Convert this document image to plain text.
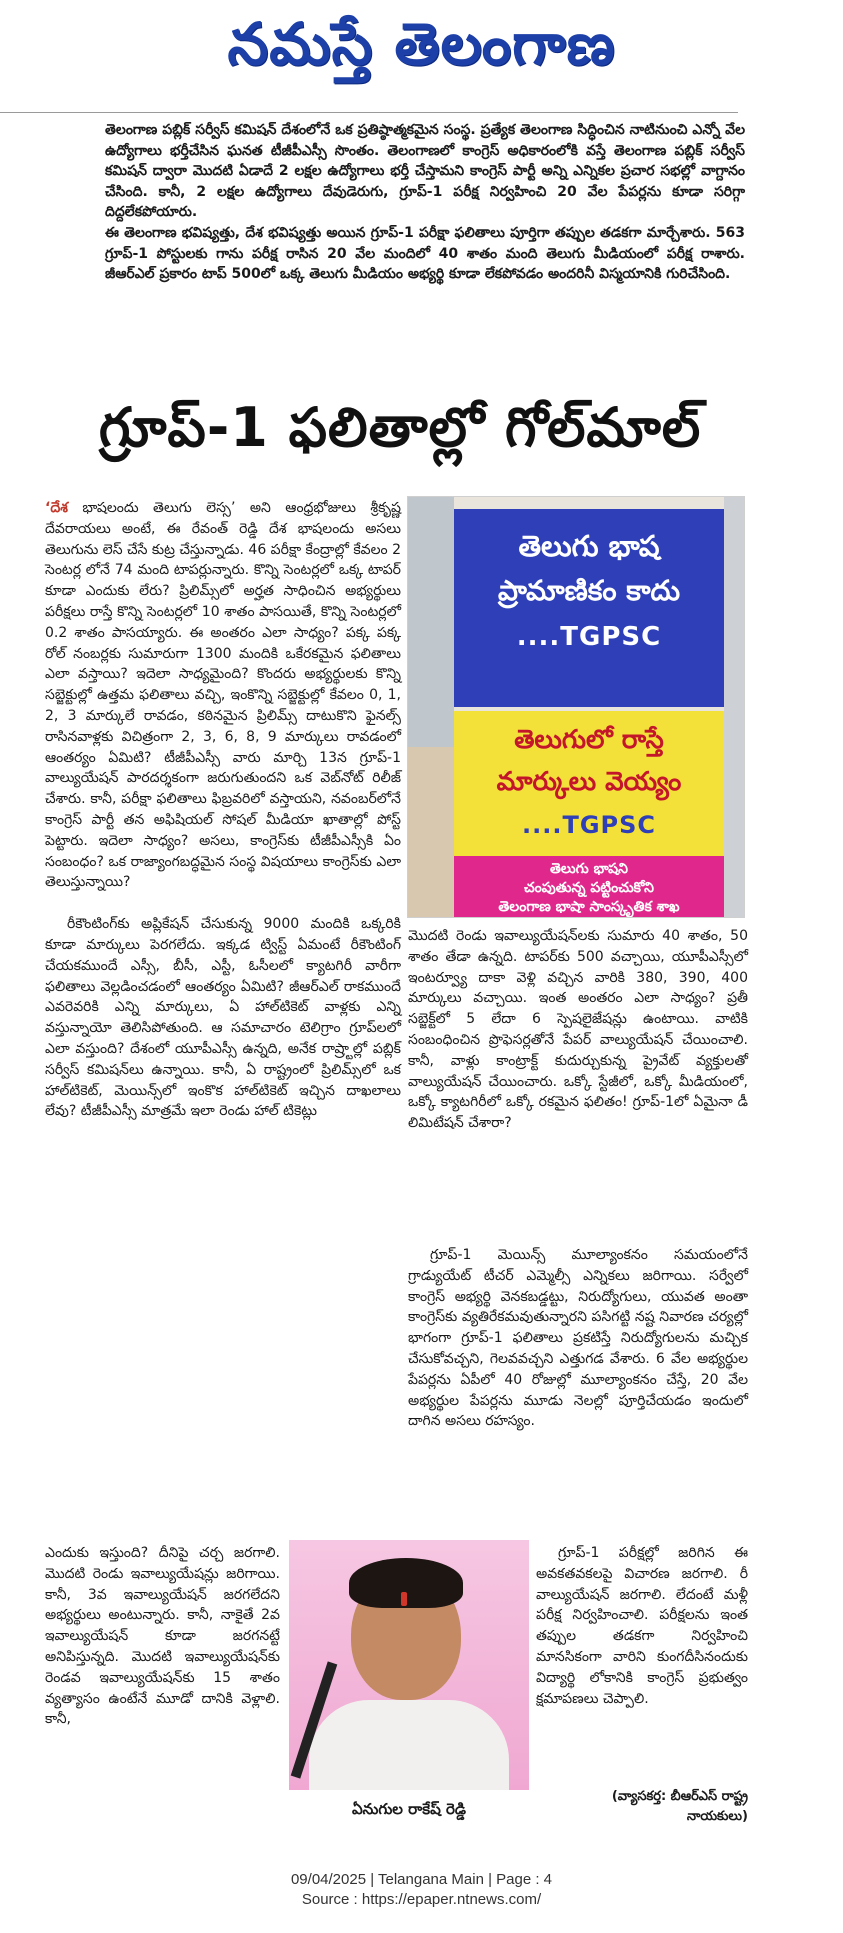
నమస్తే తెలంగాణ

తెలంగాణ పబ్లిక్ సర్వీస్ కమిషన్ దేశంలోనే ఒక ప్రతిష్ఠాత్మకమైన సంస్థ. ప్రత్యేక తెలంగాణ సిద్ధించిన నాటినుంచి ఎన్నో వేల ఉద్యోగాలు భర్తీచేసిన ఘనత టీజీపీఎస్సీ సొంతం. తెలంగాణలో కాంగ్రెస్ అధికారంలోకి వస్తే తెలంగాణ పబ్లిక్ సర్వీస్ కమిషన్ ద్వారా మొదటి ఏడాదే 2 లక్షల ఉద్యోగాలు భర్తీ చేస్తామని కాంగ్రెస్ పార్టీ అన్ని ఎన్నికల ప్రచార సభల్లో వాగ్దానం చేసింది. కానీ, 2 లక్షల ఉద్యోగాలు దేవుడెరుగు, గ్రూప్-1 పరీక్ష నిర్వహించి 20 వేల పేపర్లను కూడా సరిగ్గా దిద్దలేకపోయారు.

ఈ తెలంగాణ భవిష్యత్తు, దేశ భవిష్యత్తు అయిన గ్రూప్-1 పరీక్షా ఫలితాలు పూర్తిగా తప్పుల తడకగా మార్చేశారు. 563 గ్రూప్-1 పోస్టులకు గాను పరీక్ష రాసిన 20 వేల మందిలో 40 శాతం మంది తెలుగు మీడియంలో పరీక్ష రాశారు. జీఆర్ఎల్ ప్రకారం టాప్ 500లో ఒక్క తెలుగు మీడియం అభ్యర్థి కూడా లేకపోవడం అందరినీ విస్మయానికి గురిచేసింది.

గ్రూప్-1 ఫలితాల్లో గోల్‌మాల్

‘దేశ భాషలందు తెలుగు లెస్స’ అని ఆంధ్రభోజులు శ్రీకృష్ణ దేవరాయలు అంటే, ఈ రేవంత్ రెడ్డి దేశ భాషలందు అసలు తెలుగును లెస్ చేసే కుట్ర చేస్తున్నాడు. 46 పరీక్షా కేంద్రాల్లో కేవలం 2 సెంటర్ల లోనే 74 మంది టాపర్లున్నారు. కొన్ని సెంటర్లలో ఒక్క టాపర్ కూడా ఎందుకు లేరు? ప్రిలిమ్స్‌లో అర్హత సాధించిన అభ్యర్థులు పరీక్షలు రాస్తే కొన్ని సెంటర్లలో 10 శాతం పాసయితే, కొన్ని సెంటర్లలో 0.2 శాతం పాసయ్యారు. ఈ అంతరం ఎలా సాధ్యం? పక్క పక్క రోల్ నంబర్లకు సుమారుగా 1300 మందికి ఒకేరకమైన ఫలితాలు ఎలా వస్తాయి? ఇదెలా సాధ్యమైంది? కొందరు అభ్యర్థులకు కొన్ని సబ్జెక్టుల్లో ఉత్తమ ఫలితాలు వచ్చి, ఇంకొన్ని సబ్జెక్టుల్లో కేవలం 0, 1, 2, 3 మార్కులే రావడం, కఠినమైన ప్రిలిమ్స్ దాటుకొని ఫైనల్స్ రాసినవాళ్లకు విచిత్రంగా 2, 3, 6, 8, 9 మార్కులు రావడంలో ఆంతర్యం ఏమిటి? టీజీపీఎస్సీ వారు మార్చి 13న గ్రూప్-1 వాల్యుయేషన్ పారదర్శకంగా జరుగుతుందని ఒక వెబ్‌నోట్ రిలీజ్ చేశారు. కానీ, పరీక్షా ఫలితాలు ఫిబ్రవరిలో వస్తాయని, నవంబర్‌లోనే కాంగ్రెస్ పార్టీ తన అఫిషియల్ సోషల్ మీడియా ఖాతాల్లో పోస్ట్ పెట్టారు. ఇదెలా సాధ్యం? అసలు, కాంగ్రెస్‌కు టీజీపీఎస్సీకి ఏం సంబంధం? ఒక రాజ్యాంగబద్ధమైన సంస్థ విషయాలు కాంగ్రెస్‌కు ఎలా తెలుస్తున్నాయి?

రీకౌంటింగ్‌కు అప్లికేషన్ చేసుకున్న 9000 మందికి ఒక్కరికి కూడా మార్కులు పెరగలేదు. ఇక్కడ ట్విస్ట్ ఏమంటే రీకౌంటింగ్ చేయకముందే ఎస్సీ, బీసీ, ఎస్టీ, ఓసీలలో క్యాటగిరీ వారీగా ఫలితాలు వెల్లడించడంలో ఆంతర్యం ఏమిటి? జీఆర్ఎల్ రాకముందే ఎవరెవరికి ఎన్ని మార్కులు, ఏ హాల్‌టికెట్ వాళ్లకు ఎన్ని వస్తున్నాయో తెలిసిపోతుంది. ఆ సమాచారం టెలిగ్రాం గ్రూప్‌లలో ఎలా వస్తుంది? దేశంలో యూపీఎస్సీ ఉన్నది, అనేక రాష్ర్టాల్లో పబ్లిక్ సర్వీస్ కమిషన్‌లు ఉన్నాయి. కానీ, ఏ రాష్ట్రంలో ప్రిలిమ్స్‌లో ఒక హాల్‌టికెట్, మెయిన్స్‌లో ఇంకొక హాల్‌టికెట్ ఇచ్చిన దాఖలాలు లేవు? టీజీపీఎస్సీ మాత్రమే ఇలా రెండు హాల్ టికెట్లు

తెలుగు భాష
ప్రామాణికం కాదు
....TGPSC
తెలుగులో రాస్తే
మార్కులు వెయ్యం
....TGPSC
తెలుగు భాషని
చంపుతున్న పట్టించుకోని
తెలంగాణ భాషా సాంస్కృతిక శాఖ

మొదటి రెండు ఇవాల్యుయేషన్‌లకు సుమారు 40 శాతం, 50 శాతం తేడా ఉన్నది. టాపర్‌కు 500 వచ్చాయి, యూపీఎస్సీలో ఇంటర్వ్యూ దాకా వెళ్లి వచ్చిన వారికి 380, 390, 400 మార్కులు వచ్చాయి. ఇంత అంతరం ఎలా సాధ్యం? ప్రతీ సబ్జెక్ట్‌లో 5 లేదా 6 స్పెషలైజేషన్లు ఉంటాయి. వాటికి సంబంధించిన ప్రొఫెసర్లతోనే పేపర్ వాల్యుయేషన్ చేయించాలి. కానీ, వాళ్లు కాంట్రాక్ట్ కుదుర్చుకున్న ప్రైవేట్ వ్యక్తులతో వాల్యుయేషన్ చేయించారు. ఒక్కో స్టేజీలో, ఒక్కో మీడియంలో, ఒక్కో క్యాటగిరీలో ఒక్కో రకమైన ఫలితం! గ్రూప్-1లో ఏమైనా డీ లిమిటేషన్ చేశారా?

గ్రూప్-1 మెయిన్స్ మూల్యాంకనం సమయంలోనే గ్రాడ్యుయేట్ టీచర్ ఎమ్మెల్సీ ఎన్నికలు జరిగాయి. సర్వేలో కాంగ్రెస్ అభ్యర్థి వెనకబడ్డట్టు, నిరుద్యోగులు, యువత అంతా కాంగ్రెస్‌కు వ్యతిరేకమవుతున్నారని పసిగట్టి నష్ట నివారణ చర్యల్లో భాగంగా గ్రూప్-1 ఫలితాలు ప్రకటిస్తే నిరుద్యోగులను మచ్చిక చేసుకోవచ్చని, గెలవవచ్చని ఎత్తుగడ వేశారు. 6 వేల అభ్యర్థుల పేపర్లను ఏపీలో 40 రోజుల్లో మూల్యాంకనం చేస్తే, 20 వేల అభ్యర్థుల పేపర్లను మూడు నెలల్లో పూర్తిచేయడం ఇందులో దాగిన అసలు రహస్యం.

ఎందుకు ఇస్తుంది? దీనిపై చర్చ జరగాలి. మొదటి రెండు ఇవాల్యుయేషన్లు జరిగాయి. కానీ, 3వ ఇవాల్యుయేషన్ జరగలేదని అభ్యర్థులు అంటున్నారు. కానీ, నాకైతే 2వ ఇవాల్యుయేషన్ కూడా జరగనట్టే అనిపిస్తున్నది. మొదటి ఇవాల్యుయేషన్‌కు రెండవ ఇవాల్యుయేషన్‌కు 15 శాతం వ్యత్యాసం ఉంటేనే మూడో దానికి వెళ్లాలి. కానీ,

ఏనుగుల రాకేష్ రెడ్డి

గ్రూప్-1 పరీక్షల్లో జరిగిన ఈ అవకతవకలపై విచారణ జరగాలి. రీ వాల్యుయేషన్ జరగాలి. లేదంటే మళ్లీ పరీక్ష నిర్వహించాలి. పరీక్షలను ఇంత తప్పుల తడకగా నిర్వహించి మానసికంగా వారిని కుంగదీసినందుకు విద్యార్థి లోకానికి కాంగ్రెస్ ప్రభుత్వం క్షమాపణలు చెప్పాలి.

(వ్యాసకర్త: బీఆర్ఎస్ రాష్ట్ర
నాయకులు)
09/04/2025 | Telangana Main | Page : 4
Source : https://epaper.ntnews.com/
